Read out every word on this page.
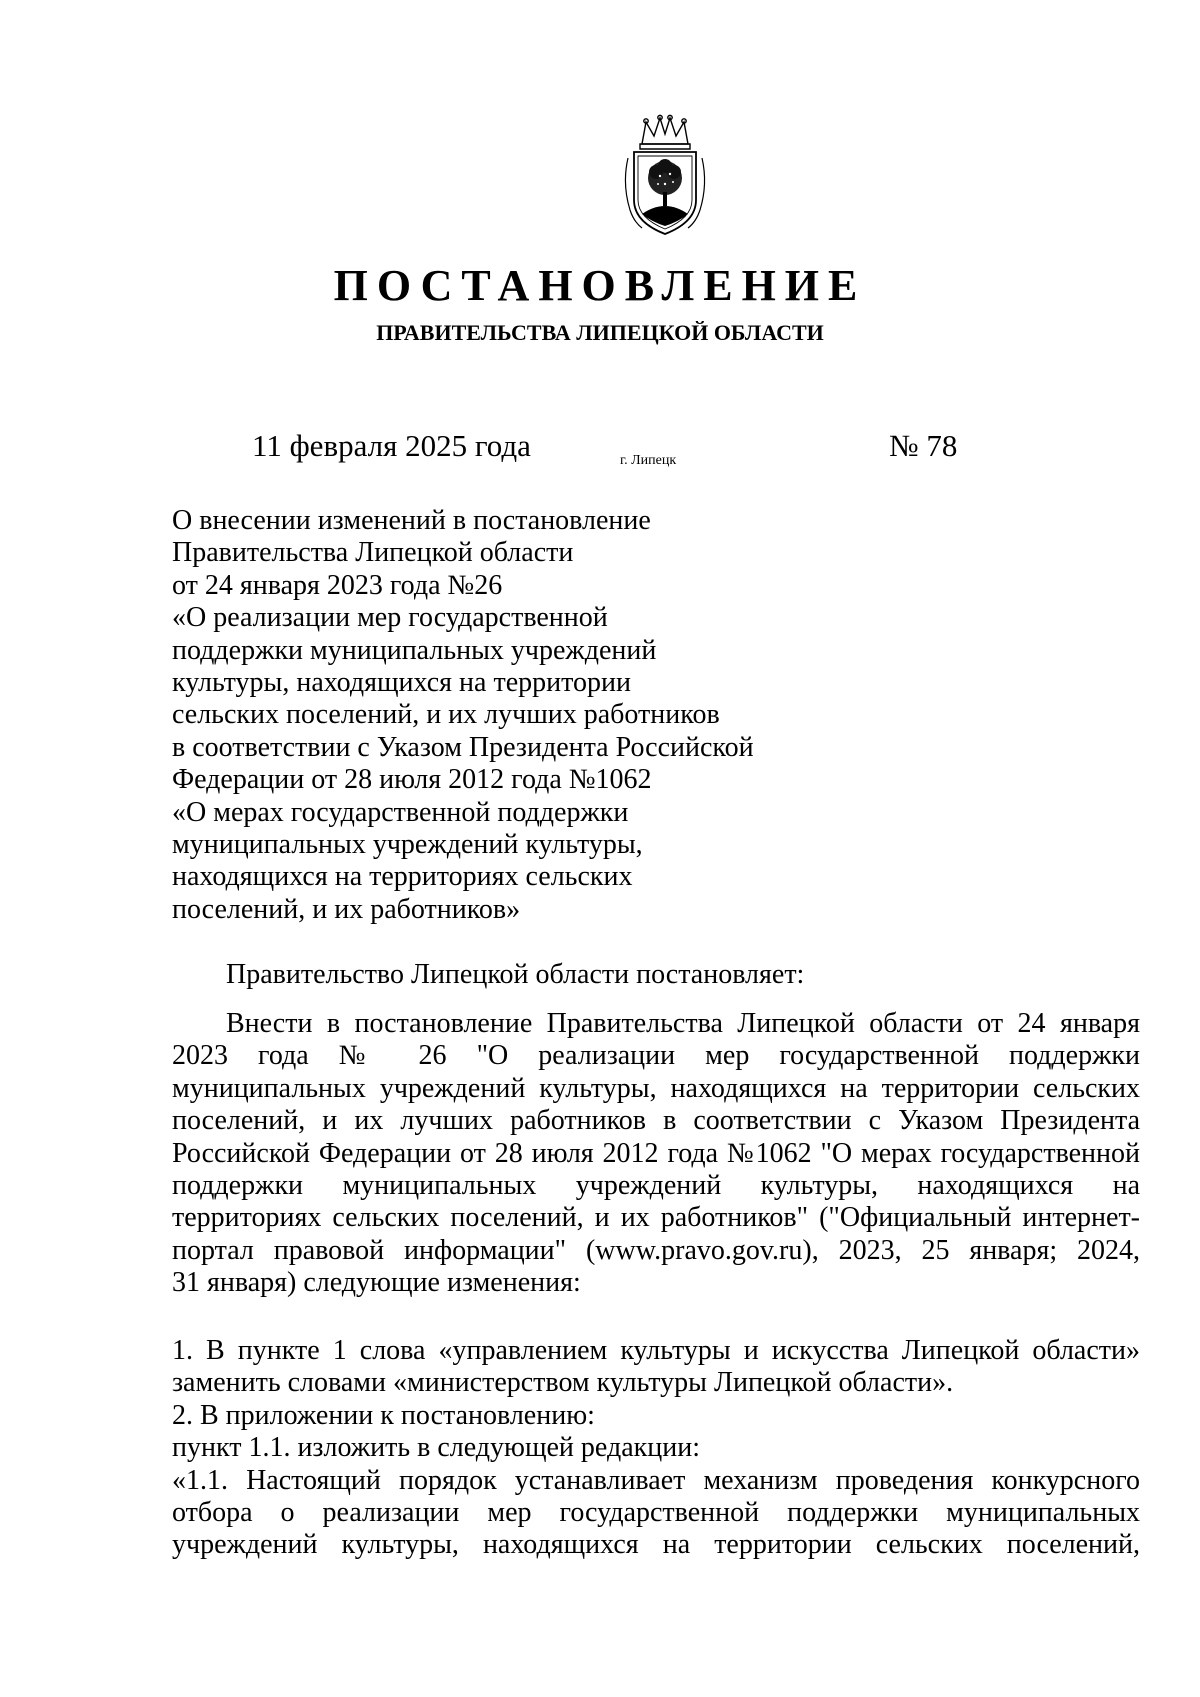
ПОСТАНОВЛЕНИЕ
ПРАВИТЕЛЬСТВА ЛИПЕЦКОЙ ОБЛАСТИ
11 февраля 2025 года	г. Липецк	№ 78
О внесении изменений в постановление
Правительства Липецкой области
от 24 января 2023 года №26
«О реализации мер государственной
поддержки муниципальных учреждений
культуры, находящихся на территории
сельских поселений, и их лучших работников
в соответствии с Указом Президента Российской
Федерации от 28 июля 2012 года №1062
«О мерах государственной поддержки
муниципальных учреждений культуры,
находящихся на территориях сельских
поселений, и их работников»
Правительство Липецкой области постановляет:
Внести в постановление Правительства Липецкой области от 24 января
2023 года № 26 "О реализации мер государственной поддержки
муниципальных учреждений культуры, находящихся на территории сельских
поселений, и их лучших работников в соответствии с Указом Президента
Российской Федерации от 28 июля 2012 года №1062 "О мерах государственной
поддержки муниципальных учреждений культуры, находящихся на
территориях сельских поселений, и их работников" ("Официальный интернет-
портал правовой информации" (www.pravo.gov.ru), 2023, 25 января; 2024,
31 января) следующие изменения:
1. В пункте 1 слова «управлением культуры и искусства Липецкой области»
заменить словами «министерством культуры Липецкой области».
2. В приложении к постановлению:
пункт 1.1. изложить в следующей редакции:
«1.1. Настоящий порядок устанавливает механизм проведения конкурсного
отбора о реализации мер государственной поддержки муниципальных
учреждений культуры, находящихся на территории сельских поселений,
